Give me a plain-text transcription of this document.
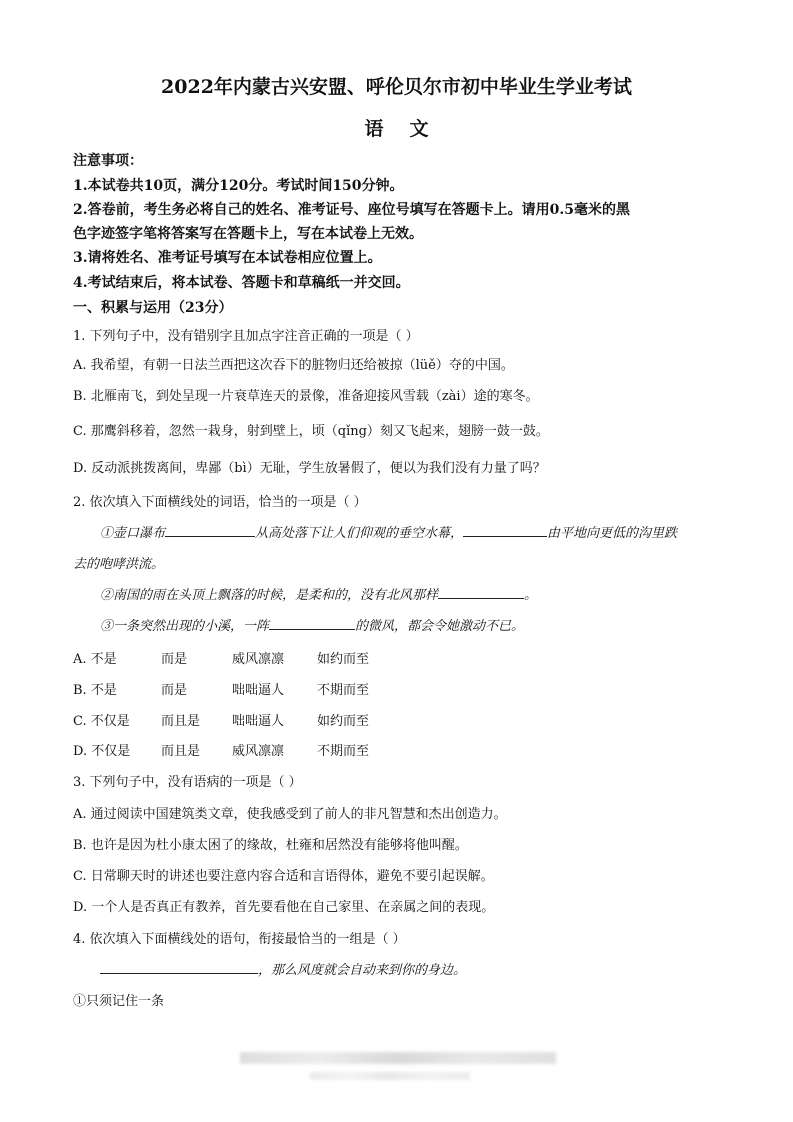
2022年内蒙古兴安盟、呼伦贝尔市初中毕业生学业考试
语文
注意事项：
1.本试卷共10页，满分120分。考试时间150分钟。
2.答卷前，考生务必将自己的姓名、准考证号、座位号填写在答题卡上。请用0.5毫米的黑
色字迹签字笔将答案写在答题卡上，写在本试卷上无效。
3.请将姓名、准考证号填写在本试卷相应位置上。
4.考试结束后，将本试卷、答题卡和草稿纸一并交回。
一、积累与运用（23分）
1. 下列句子中，没有错别字且加点字注音正确的一项是（ ）
A. 我希望，有朝一日法兰西把这次吞下的脏物归还给被掠（lüě）夺的中国。
B. 北雁南飞，到处呈现一片衰草连天的景像，准备迎接风雪载（zài）途的寒冬。
C. 那鹰斜移着，忽然一栽身，射到壁上，顷（qǐng）刻又飞起来，翅膀一鼓一鼓。
D. 反动派挑拨离间，卑鄙（bì）无耻，学生放暑假了，便以为我们没有力量了吗？
2. 依次填入下面横线处的词语，恰当的一项是（ ）
①壶口瀑布	从高处落下让人们仰观的垂空水幕，	由平地向更低的沟里跌
去的咆哮洪流。
②南国的雨在头顶上飘落的时候，是柔和的，没有北风那样	。
③一条突然出现的小溪，一阵	的微风，都会令她激动不已。
A. 不是	而是	威风凛凛	如约而至
B. 不是	而是	咄咄逼人	不期而至
C. 不仅是 而且是 咄咄逼人	如约而至
D. 不仅是 而且是 威风凛凛	不期而至
3. 下列句子中，没有语病的一项是（ ）
A. 通过阅读中国建筑类文章，使我感受到了前人的非凡智慧和杰出创造力。
B. 也许是因为杜小康太困了的缘故，杜雍和居然没有能够将他叫醒。
C. 日常聊天时的讲述也要注意内容合适和言语得体，避免不要引起误解。
D. 一个人是否真正有教养，首先要看他在自己家里、在亲属之间的表现。
4. 依次填入下面横线处的语句，衔接最恰当的一组是（ ）
，那么风度就会自动来到你的身边。
①只须记住一条
